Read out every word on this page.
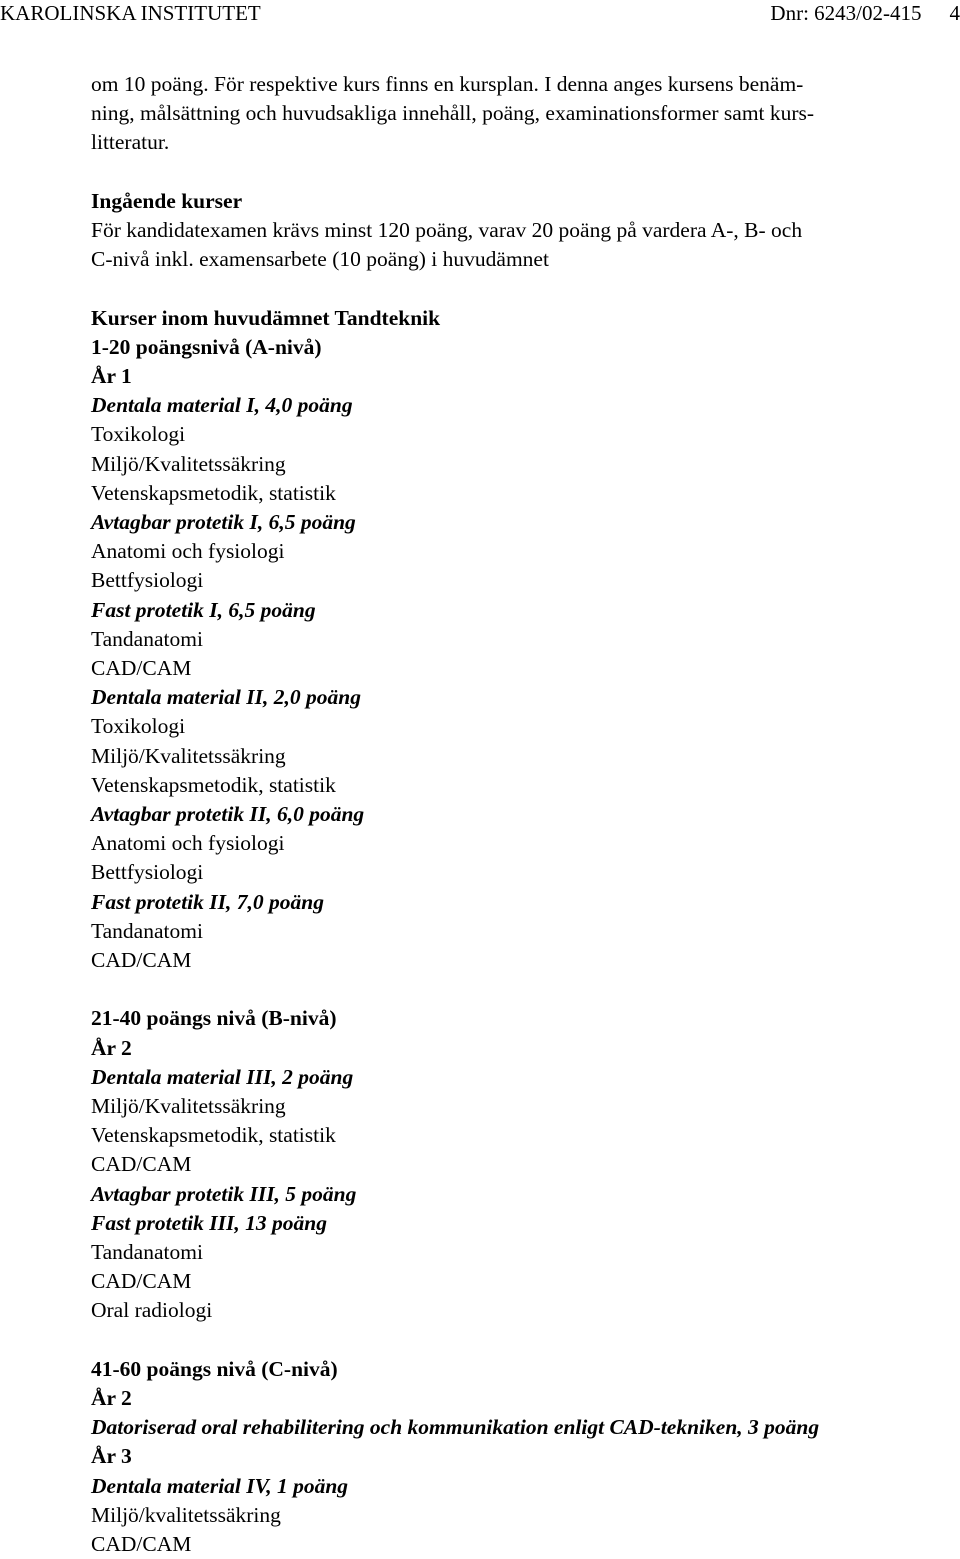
KAROLINSKA INSTITUTET	Dnr: 6243/02-415 4

om 10 poäng. För respektive kurs finns en kursplan. I denna anges kursens benäm-

ning, målsättning och huvudsakliga innehåll, poäng, examinationsformer samt kurs-

litteratur.

Ingående kurser

För kandidatexamen krävs minst 120 poäng, varav 20 poäng på vardera A-, B- och

C-nivå inkl. examensarbete (10 poäng) i huvudämnet

Kurser inom huvudämnet Tandteknik

1-20 poängsnivå (A-nivå)

År 1

Dentala material I, 4,0 poäng

Toxikologi

Miljö/Kvalitetssäkring

Vetenskapsmetodik, statistik

Avtagbar protetik I, 6,5 poäng

Anatomi och fysiologi

Bettfysiologi

Fast protetik I, 6,5 poäng

Tandanatomi

CAD/CAM

Dentala material II, 2,0 poäng

Toxikologi

Miljö/Kvalitetssäkring

Vetenskapsmetodik, statistik

Avtagbar protetik II, 6,0 poäng

Anatomi och fysiologi

Bettfysiologi

Fast protetik II, 7,0 poäng

Tandanatomi

CAD/CAM

21-40 poängs nivå (B-nivå)

År 2

Dentala material III, 2 poäng

Miljö/Kvalitetssäkring

Vetenskapsmetodik, statistik

CAD/CAM

Avtagbar protetik III, 5 poäng

Fast protetik III, 13 poäng

Tandanatomi

CAD/CAM

Oral radiologi

41-60 poängs nivå (C-nivå)

År 2

Datoriserad oral rehabilitering och kommunikation enligt CAD-tekniken, 3 poäng

År 3

Dentala material IV, 1 poäng

Miljö/kvalitetssäkring

CAD/CAM
